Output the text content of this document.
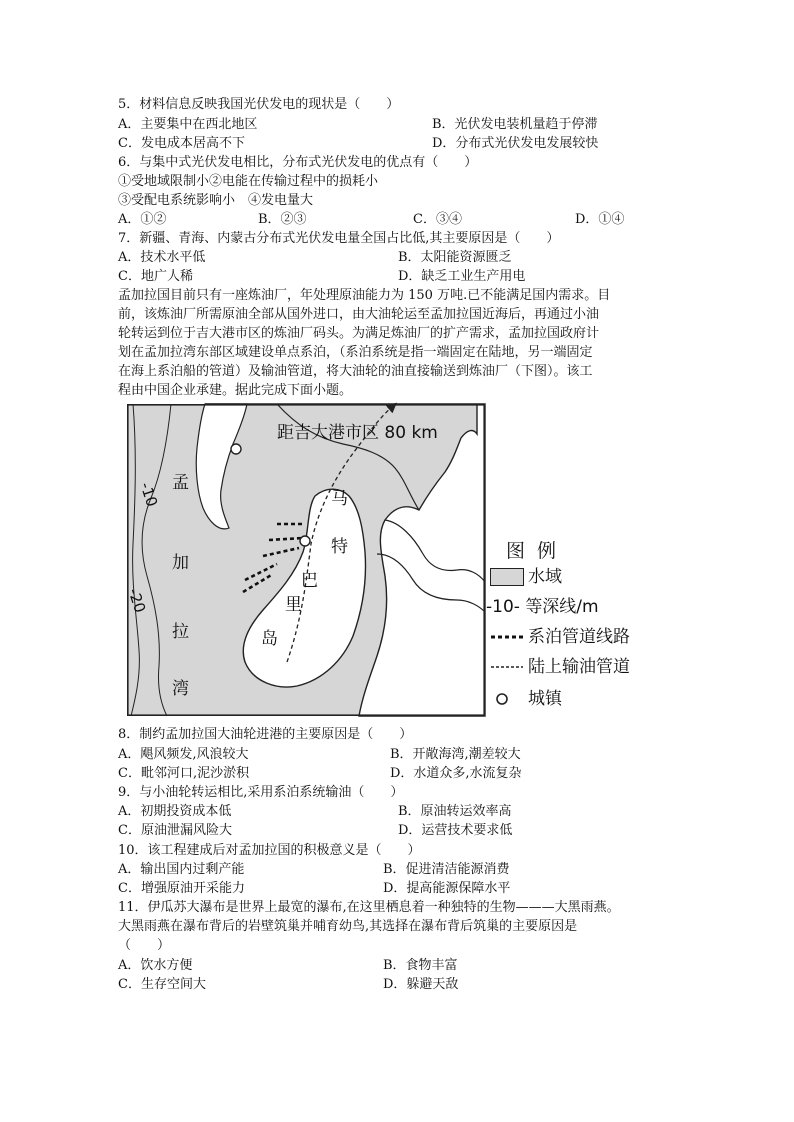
5．材料信息反映我国光伏发电的现状是（　　）
A．主要集中在西北地区	B．光伏发电装机量趋于停滞
C．发电成本居高不下	D．分布式光伏发电发展较快
6．与集中式光伏发电相比，分布式光伏发电的优点有（　　）
①受地域限制小②电能在传输过程中的损耗小
③受配电系统影响小　④发电量大
A．①②	B．②③	C．③④	D．①④
7．新疆、青海、内蒙古分布式光伏发电量全国占比低,其主要原因是（　　）
A．技术水平低	B．太阳能资源匮乏
C．地广人稀	D．缺乏工业生产用电
孟加拉国目前只有一座炼油厂，年处理原油能力为 150 万吨.已不能满足国内需求。目
前，该炼油厂所需原油全部从国外进口，由大油轮运至孟加拉国近海后，再通过小油
轮转运到位于吉大港市区的炼油厂码头。为满足炼油厂的扩产需求，孟加拉国政府计
划在孟加拉湾东部区域建设单点系泊，（系泊系统是指一端固定在陆地，另一端固定
在海上系泊船的管道）及输油管道，将大油轮的油直接输送到炼油厂（下图）。该工
程由中国企业承建。据此完成下面小题。
距吉大港市区 80 km
孟
加
拉
湾
马
特
巴
里
岛
-10
-20
图例
水域
-10- 等深线/m
系泊管道线路
陆上输油管道
城镇
8．制约孟加拉国大油轮进港的主要原因是（　　）
A．飓风频发,风浪较大	B．开敞海湾,潮差较大
C．毗邻河口,泥沙淤积	D．水道众多,水流复杂
9．与小油轮转运相比,采用系泊系统输油（　　）
A．初期投资成本低	B．原油转运效率高
C．原油泄漏风险大	D．运营技术要求低
10．该工程建成后对孟加拉国的积极意义是（　　）
A．输出国内过剩产能	B．促进清洁能源消费
C．增强原油开采能力	D．提高能源保障水平
11．伊瓜苏大瀑布是世界上最宽的瀑布,在这里栖息着一种独特的生物———大黑雨燕。
大黑雨燕在瀑布背后的岩壁筑巢并哺育幼鸟,其选择在瀑布背后筑巢的主要原因是
（　　）
A．饮水方便	B．食物丰富
C．生存空间大	D．躲避天敌
